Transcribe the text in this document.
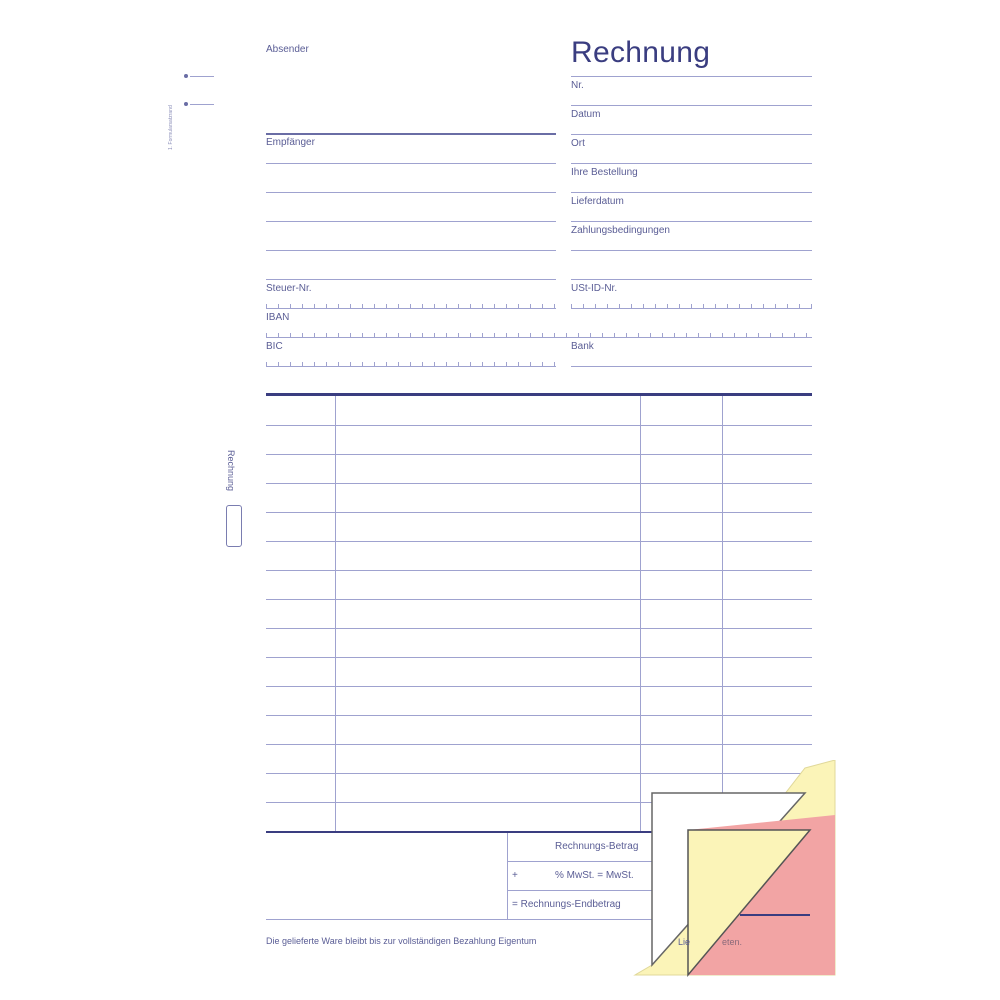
1. Formularsatzrand
Absender
Empfänger
Rechnung
Nr.
Datum
Ort
Ihre Bestellung
Lieferdatum
Zahlungsbedingungen
Steuer-Nr.	USt-ID-Nr.
IBAN
BIC	Bank
Rechnungs-Betrag
+	% MwSt. = MwSt.
= Rechnungs-Endbetrag
Die gelieferte Ware bleibt bis zur vollständigen Bezahlung Eigentum
Rechnung
Lie	eten.
